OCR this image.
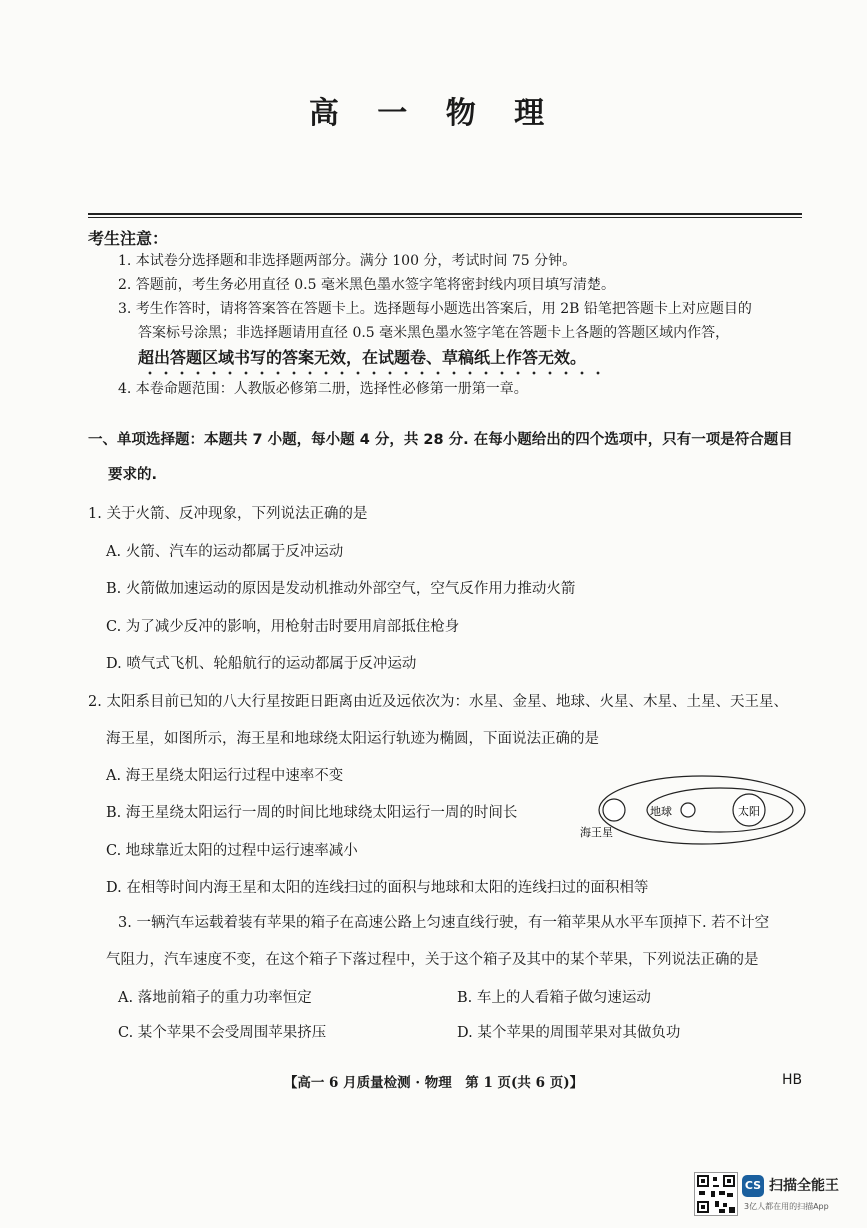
高 一 物 理
考生注意：
1. 本试卷分选择题和非选择题两部分。满分 100 分，考试时间 75 分钟。
2. 答题前，考生务必用直径 0.5 毫米黑色墨水签字笔将密封线内项目填写清楚。
3. 考生作答时，请将答案答在答题卡上。选择题每小题选出答案后，用 2B 铅笔把答题卡上对应题目的
答案标号涂黑；非选择题请用直径 0.5 毫米黑色墨水签字笔在答题卡上各题的答题区域内作答，
超出答题区域书写的答案无效，在试题卷、草稿纸上作答无效。
4. 本卷命题范围：人教版必修第二册，选择性必修第一册第一章。
一、单项选择题：本题共 7 小题，每小题 4 分，共 28 分. 在每小题给出的四个选项中，只有一项是符合题目
要求的.
1. 关于火箭、反冲现象，下列说法正确的是
A. 火箭、汽车的运动都属于反冲运动
B. 火箭做加速运动的原因是发动机推动外部空气，空气反作用力推动火箭
C. 为了减少反冲的影响，用枪射击时要用肩部抵住枪身
D. 喷气式飞机、轮船航行的运动都属于反冲运动
2. 太阳系目前已知的八大行星按距日距离由近及远依次为：水星、金星、地球、火星、木星、土星、天王星、
海王星，如图所示，海王星和地球绕太阳运行轨迹为椭圆，下面说法正确的是
A. 海王星绕太阳运行过程中速率不变
B. 海王星绕太阳运行一周的时间比地球绕太阳运行一周的时间长
C. 地球靠近太阳的过程中运行速率减小
D. 在相等时间内海王星和太阳的连线扫过的面积与地球和太阳的连线扫过的面积相等
地球	太阳
海王星
3. 一辆汽车运载着装有苹果的箱子在高速公路上匀速直线行驶，有一箱苹果从水平车顶掉下. 若不计空
气阻力，汽车速度不变，在这个箱子下落过程中，关于这个箱子及其中的某个苹果，下列说法正确的是
A. 落地前箱子的重力功率恒定	B. 车上的人看箱子做匀速运动
C. 某个苹果不会受周围苹果挤压	D. 某个苹果的周围苹果对其做负功
【高一 6 月质量检测 · 物理　第 1 页(共 6 页)】	HB
CS 扫描全能王
3亿人都在用的扫描App
